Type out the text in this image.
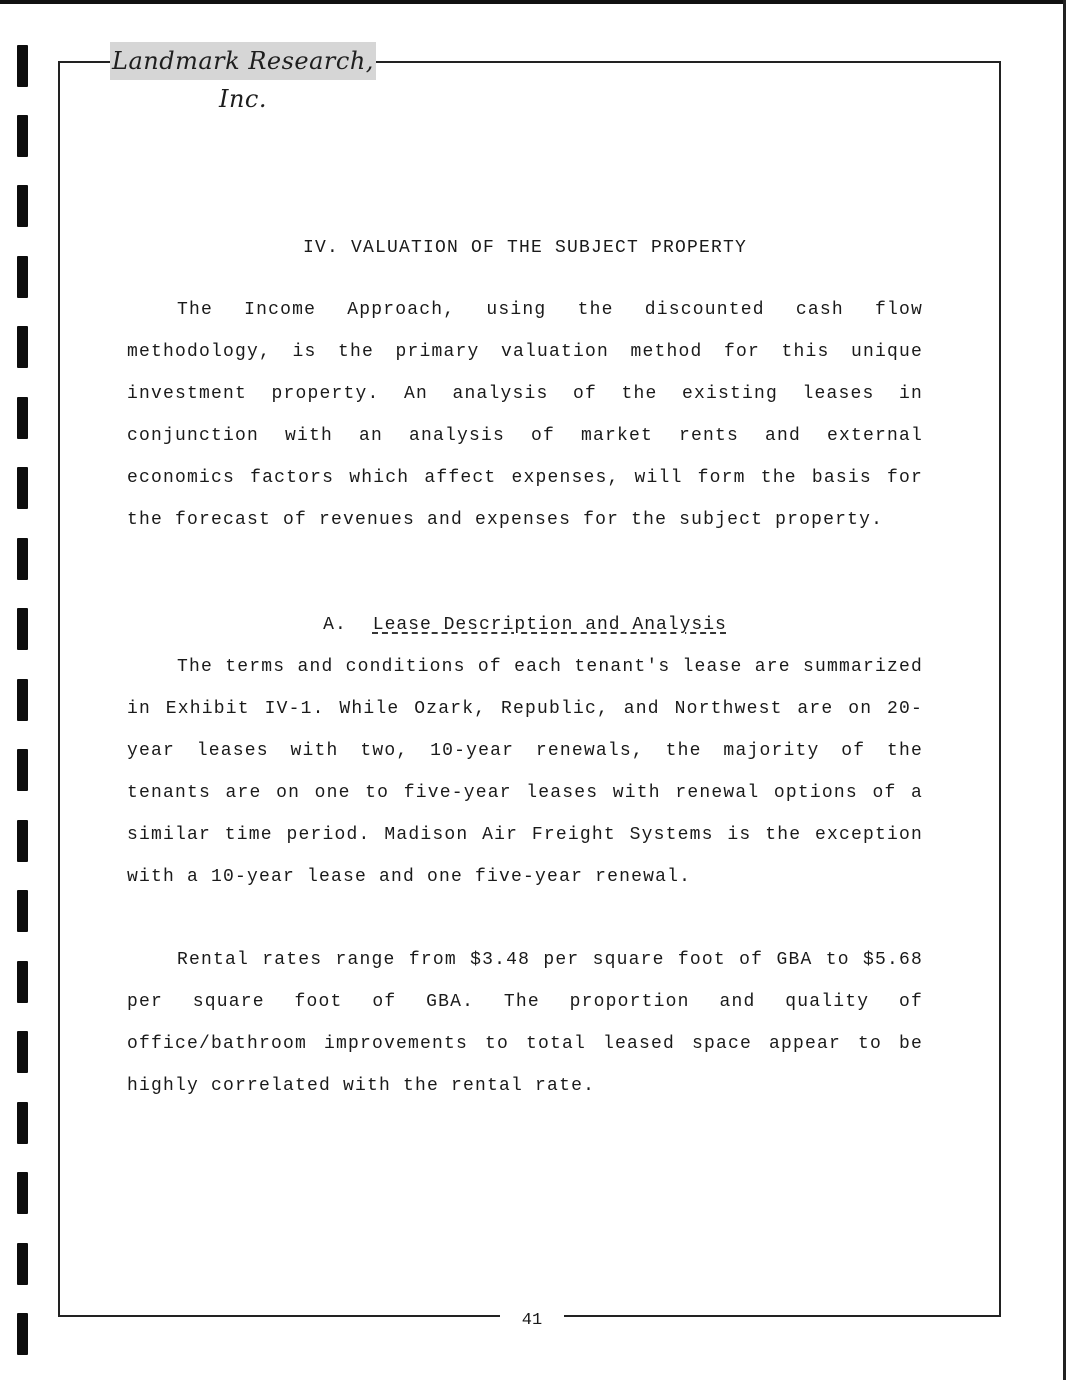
Landmark Research, Inc.
IV. VALUATION OF THE SUBJECT PROPERTY

The Income Approach, using the discounted cash flow methodology, is the primary valuation method for this unique investment property. An analysis of the existing leases in conjunction with an analysis of market rents and external economics factors which affect expenses, will form the basis for the forecast of revenues and expenses for the subject property.

A. Lease Description and Analysis

The terms and conditions of each tenant's lease are summarized in Exhibit IV-1. While Ozark, Republic, and Northwest are on 20-year leases with two, 10-year renewals, the majority of the tenants are on one to five-year leases with renewal options of a similar time period. Madison Air Freight Systems is the exception with a 10-year lease and one five-year renewal.

Rental rates range from $3.48 per square foot of GBA to $5.68 per square foot of GBA. The proportion and quality of office/bathroom improvements to total leased space appear to be highly correlated with the rental rate.

41
